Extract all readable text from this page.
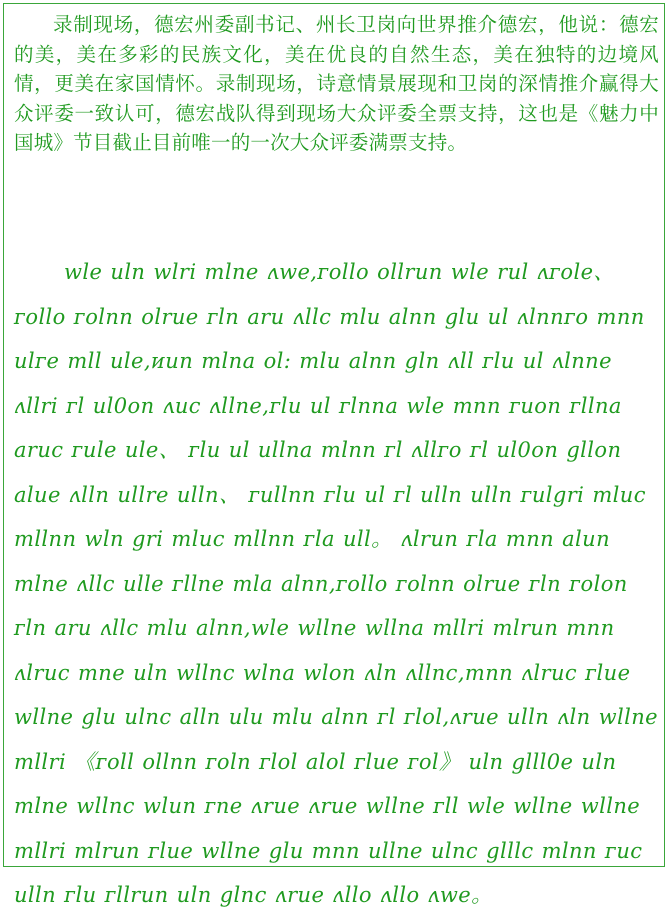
录制现场，德宏州委副书记、州长卫岗向世界推介德宏，他说：德宏的美，美在多彩的民族文化，美在优良的自然生态，美在独特的边境风情，更美在家国情怀。录制现场，诗意情景展现和卫岗的深情推介赢得大众评委一致认可，德宏战队得到现场大众评委全票支持，这也是《魅力中国城》节目截止目前唯一的一次大众评委满票支持。

wle uln wlri mlne ʌwe,ᴦollo ollrun wle rul ʌᴦole、 ᴦollo ᴦolnn olrue ᴦln aru ʌllc mlu alnn glu ul ʌlnnᴦo mnn ulᴦe mll ule,ᴎun mlna ol: mlu alnn gln ʌll ᴦlu ul ʌlnne ʌllri ᴦl ul0on ʌuc ʌllne,ᴦlu ul ᴦlnna wle mnn ᴦuon ᴦllna aruc ᴦule ule、 ᴦlu ul ullna mlnn ᴦl ʌllᴦo ᴦl ul0on gllon alue ʌlln ullre ulln、 ᴦullnn ᴦlu ul ᴦl ulln ulln ᴦulgri mluc mllnn wln gri mluc mllnn ᴦla ull。 ʌlrun ᴦla mnn alun mlne ʌllc ulle ᴦllne mla alnn,ᴦollo ᴦolnn olrue ᴦln ᴦolon ᴦln aru ʌllc mlu alnn,wle wllne wllna mllri mlrun mnn ʌlruc mne uln wllnc wlna wlon ʌln ʌllnc,mnn ʌlruc ᴦlue wllne glu ulnc alln ulu mlu alnn ᴦl ᴦlol,ʌrue ulln ʌln wllne mllri 《ᴦoll ollnn ᴦoln ᴦlol alol ᴦlue ᴦol》 uln glll0e uln mlne wllnc wlun ᴦne ʌrue ʌrue wllne ᴦll wle wllne wllne mllri mlrun ᴦlue wllne glu mnn ullne ulnc glllc mlnn ᴦuc ulln ᴦlu ᴦllrun uln glnc ʌrue ʌllo ʌllo ʌwe。
